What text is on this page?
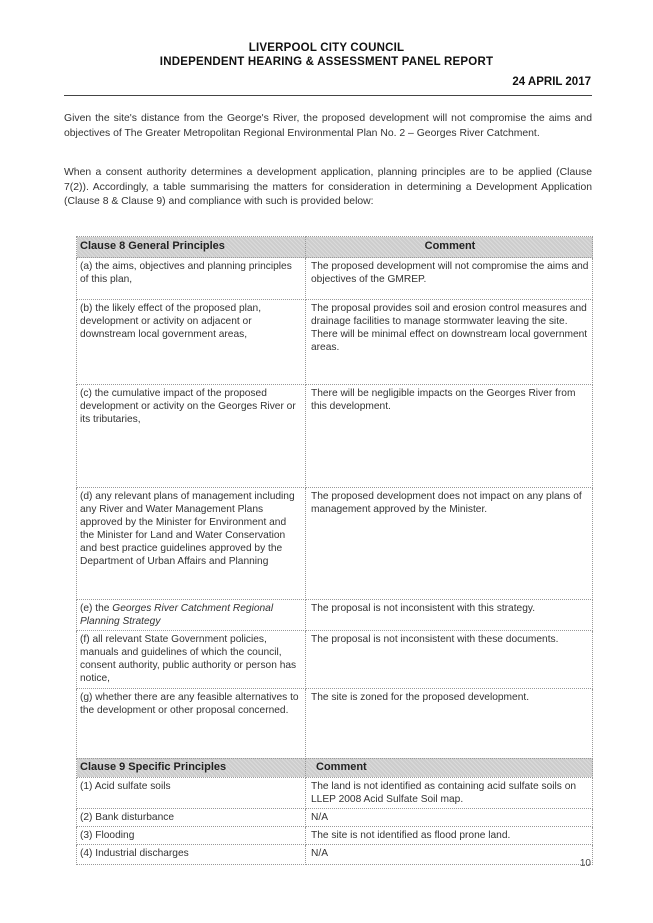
LIVERPOOL CITY COUNCIL
INDEPENDENT HEARING & ASSESSMENT PANEL REPORT
24 APRIL 2017
Given the site's distance from the George's River, the proposed development will not compromise the aims and objectives of The Greater Metropolitan Regional Environmental Plan No. 2 – Georges River Catchment.
When a consent authority determines a development application, planning principles are to be applied (Clause 7(2)). Accordingly, a table summarising the matters for consideration in determining a Development Application (Clause 8 & Clause 9) and compliance with such is provided below:
Clause 8 General Principles	Comment
(a) the aims, objectives and planning principles of this plan,	The proposed development will not compromise the aims and objectives of the GMREP.
(b) the likely effect of the proposed plan, development or activity on adjacent or downstream local government areas,	The proposal provides soil and erosion control measures and drainage facilities to manage stormwater leaving the site. There will be minimal effect on downstream local government areas.
(c) the cumulative impact of the proposed development or activity on the Georges River or its tributaries,	There will be negligible impacts on the Georges River from this development.
(d) any relevant plans of management including any River and Water Management Plans approved by the Minister for Environment and the Minister for Land and Water Conservation and best practice guidelines approved by the Department of Urban Affairs and Planning	The proposed development does not impact on any plans of management approved by the Minister.
(e) the Georges River Catchment Regional Planning Strategy	The proposal is not inconsistent with this strategy.
(f) all relevant State Government policies, manuals and guidelines of which the council, consent authority, public authority or person has notice,	The proposal is not inconsistent with these documents.
(g) whether there are any feasible alternatives to the development or other proposal concerned.	The site is zoned for the proposed development.
Clause 9 Specific Principles	Comment
(1) Acid sulfate soils	The land is not identified as containing acid sulfate soils on LLEP 2008 Acid Sulfate Soil map.
(2) Bank disturbance	N/A
(3) Flooding	The site is not identified as flood prone land.
(4) Industrial discharges	N/A
10
